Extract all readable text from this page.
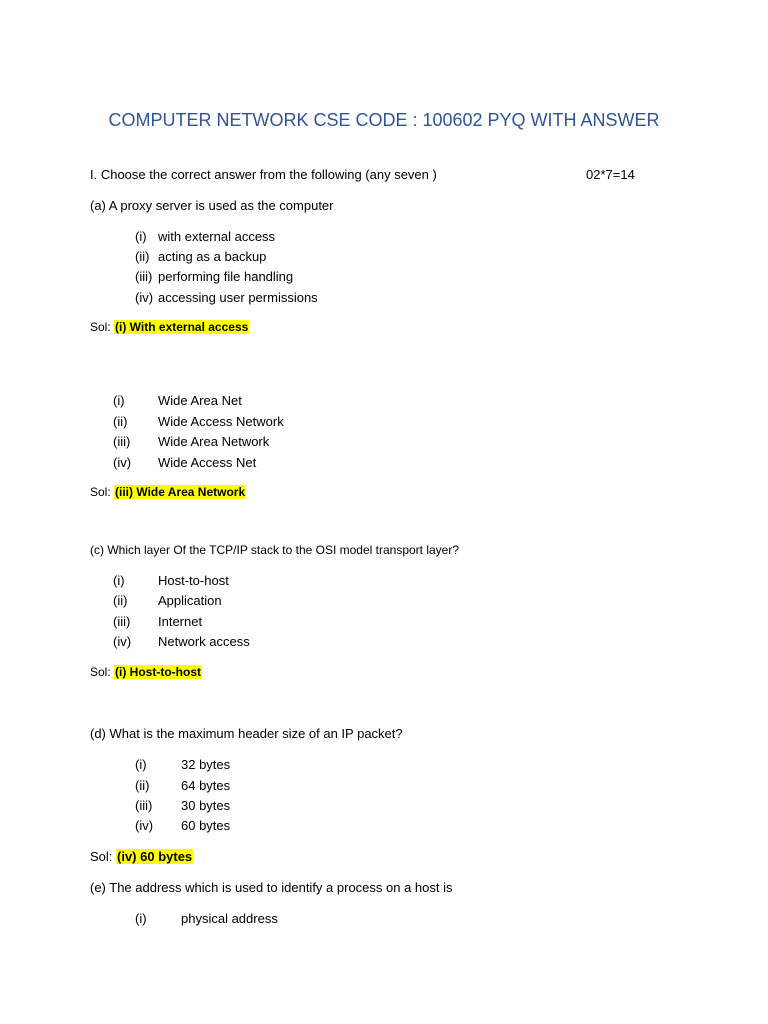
COMPUTER NETWORK CSE CODE : 100602 PYQ WITH ANSWER
I. Choose the correct answer from the following (any seven )	02*7=14
(a) A proxy server is used as the computer
(i) with external access
(ii) acting as a backup
(iii) performing file handling
(iv) accessing user permissions
Sol: (i) With external access
(i)	Wide Area Net
(ii) Wide Access Network
(iii) Wide Area Network
(iv) Wide Access Net
Sol: (iii) Wide Area Network
(c) Which layer Of the TCP/IP stack to the OSI model transport layer?
(i)	Host-to-host
(ii) Application
(iii) Internet
(iv) Network access
Sol: (i) Host-to-host
(d) What is the maximum header size of an IP packet?
(i)	32 bytes
(ii) 64 bytes
(iii) 30 bytes
(iv) 60 bytes
Sol: (iv) 60 bytes
(e) The address which is used to identify a process on a host is
(i)	physical address
